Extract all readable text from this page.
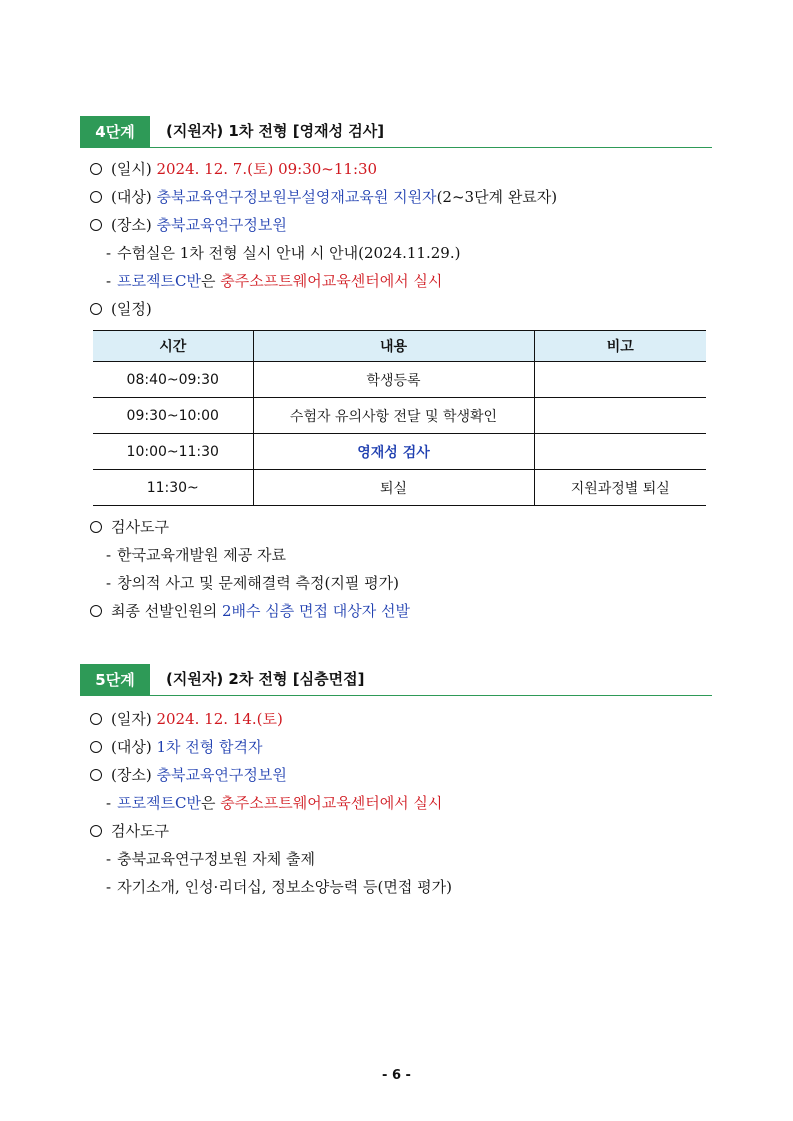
4단계	(지원자) 1차 전형 [영재성 검사]
(일시) 2024. 12. 7.(토) 09:30~11:30
(대상) 충북교육연구정보원부설영재교육원 지원자(2~3단계 완료자)
(장소) 충북교육연구정보원
- 수험실은 1차 전형 실시 안내 시 안내(2024.11.29.)
- 프로젝트C반은 충주소프트웨어교육센터에서 실시
(일정)
시간	내용	비고
08:40~09:30	학생등록	
09:30~10:00	수험자 유의사항 전달 및 학생확인	
10:00~11:30	영재성 검사	
11:30~	퇴실	지원과정별 퇴실
검사도구
- 한국교육개발원 제공 자료
- 창의적 사고 및 문제해결력 측정(지필 평가)
최종 선발인원의 2배수 심층 면접 대상자 선발
5단계	(지원자) 2차 전형 [심층면접]
(일자) 2024. 12. 14.(토)
(대상) 1차 전형 합격자
(장소) 충북교육연구정보원
- 프로젝트C반은 충주소프트웨어교육센터에서 실시
검사도구
- 충북교육연구정보원 자체 출제
- 자기소개, 인성·리더십, 정보소양능력 등(면접 평가)
- 6 -
